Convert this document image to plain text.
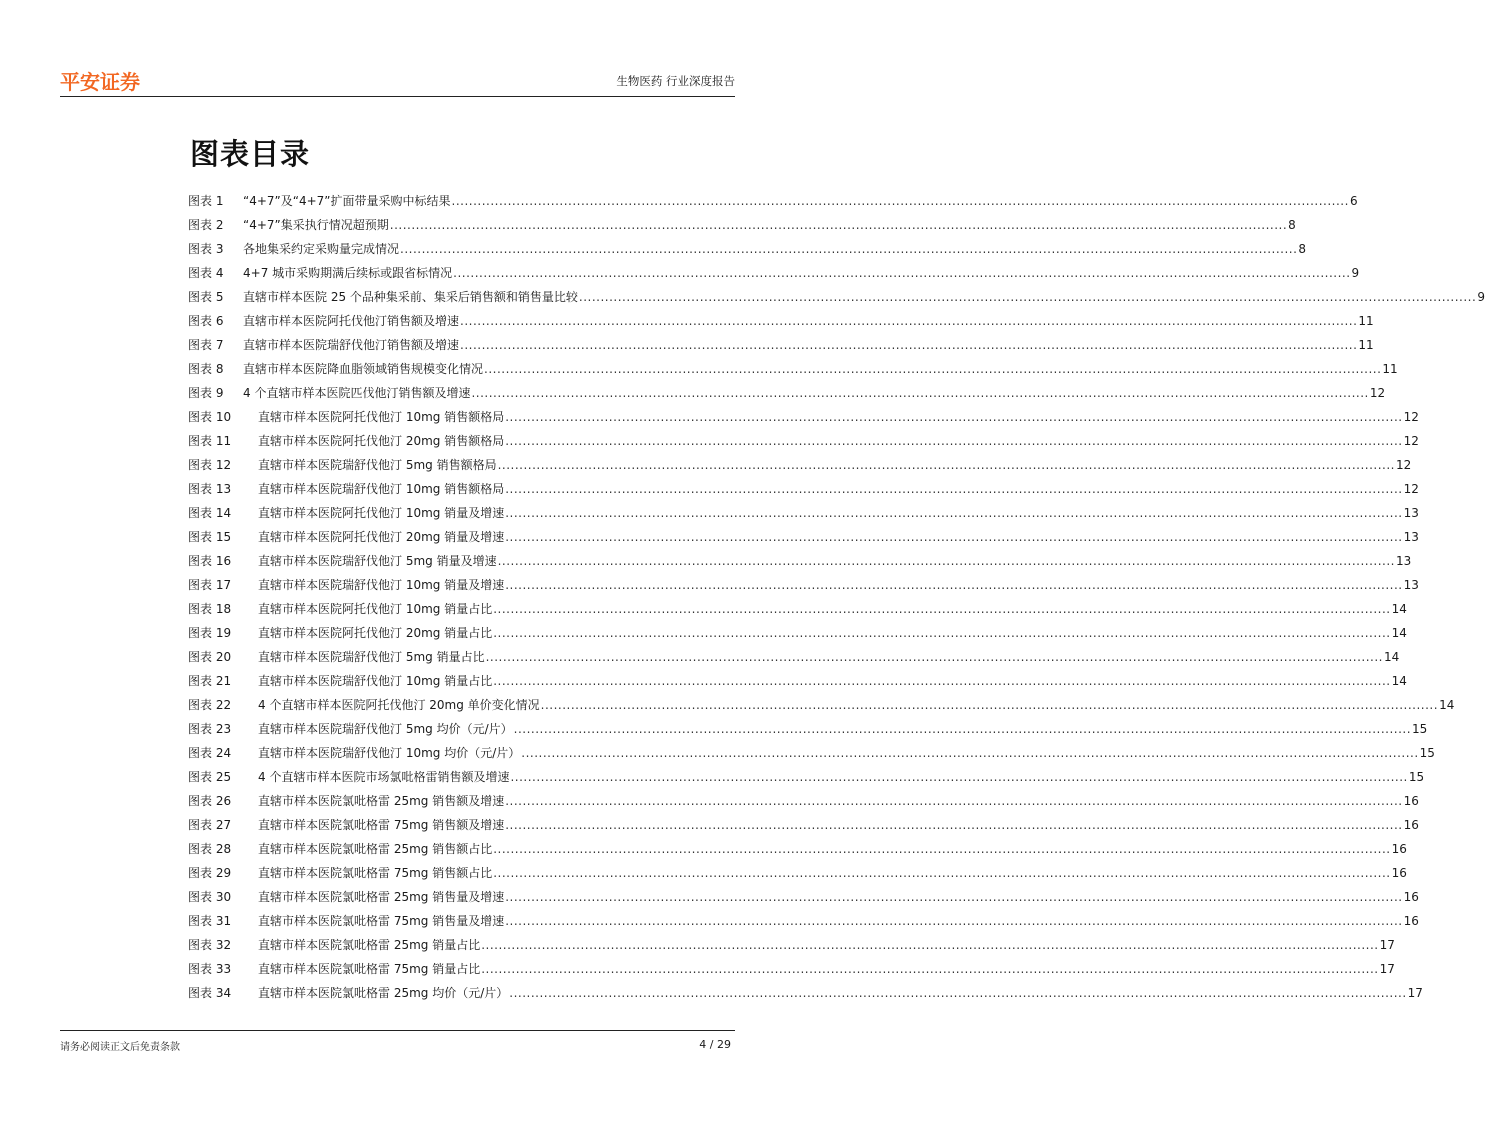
平安证券	生物医药 行业深度报告
图表目录
图表 1	“4+7”及“4+7”扩面带量采购中标结果 .....	6
图表 2	“4+7”集采执行情况超预期 .....	8
图表 3	各地集采约定采购量完成情况 .....	8
图表 4	4+7 城市采购期满后续标或跟省标情况 .....	9
图表 5	直辖市样本医院 25 个品种集采前、集采后销售额和销售量比较 .....	9
图表 6	直辖市样本医院阿托伐他汀销售额及增速 .....	11
图表 7	直辖市样本医院瑞舒伐他汀销售额及增速 .....	11
图表 8	直辖市样本医院降血脂领域销售规模变化情况 .....	11
图表 9	4 个直辖市样本医院匹伐他汀销售额及增速 .....	12
图表 10	直辖市样本医院阿托伐他汀 10mg 销售额格局 .....	12
图表 11	直辖市样本医院阿托伐他汀 20mg 销售额格局 .....	12
图表 12	直辖市样本医院瑞舒伐他汀 5mg 销售额格局 .....	12
图表 13	直辖市样本医院瑞舒伐他汀 10mg 销售额格局 .....	12
图表 14	直辖市样本医院阿托伐他汀 10mg 销量及增速 .....	13
图表 15	直辖市样本医院阿托伐他汀 20mg 销量及增速 .....	13
图表 16	直辖市样本医院瑞舒伐他汀 5mg 销量及增速 .....	13
图表 17	直辖市样本医院瑞舒伐他汀 10mg 销量及增速 .....	13
图表 18	直辖市样本医院阿托伐他汀 10mg 销量占比 .....	14
图表 19	直辖市样本医院阿托伐他汀 20mg 销量占比 .....	14
图表 20	直辖市样本医院瑞舒伐他汀 5mg 销量占比 .....	14
图表 21	直辖市样本医院瑞舒伐他汀 10mg 销量占比 .....	14
图表 22	4 个直辖市样本医院阿托伐他汀 20mg 单价变化情况 .....	14
图表 23	直辖市样本医院瑞舒伐他汀 5mg 均价（元/片） .....	15
图表 24	直辖市样本医院瑞舒伐他汀 10mg 均价（元/片） .....	15
图表 25	4 个直辖市样本医院市场氯吡格雷销售额及增速 .....	15
图表 26	直辖市样本医院氯吡格雷 25mg 销售额及增速 .....	16
图表 27	直辖市样本医院氯吡格雷 75mg 销售额及增速 .....	16
图表 28	直辖市样本医院氯吡格雷 25mg 销售额占比 .....	16
图表 29	直辖市样本医院氯吡格雷 75mg 销售额占比 .....	16
图表 30	直辖市样本医院氯吡格雷 25mg 销售量及增速 .....	16
图表 31	直辖市样本医院氯吡格雷 75mg 销售量及增速 .....	16
图表 32	直辖市样本医院氯吡格雷 25mg 销量占比 .....	17
图表 33	直辖市样本医院氯吡格雷 75mg 销量占比 .....	17
图表 34	直辖市样本医院氯吡格雷 25mg 均价（元/片） .....	17
请务必阅读正文后免责条款	4 / 29
